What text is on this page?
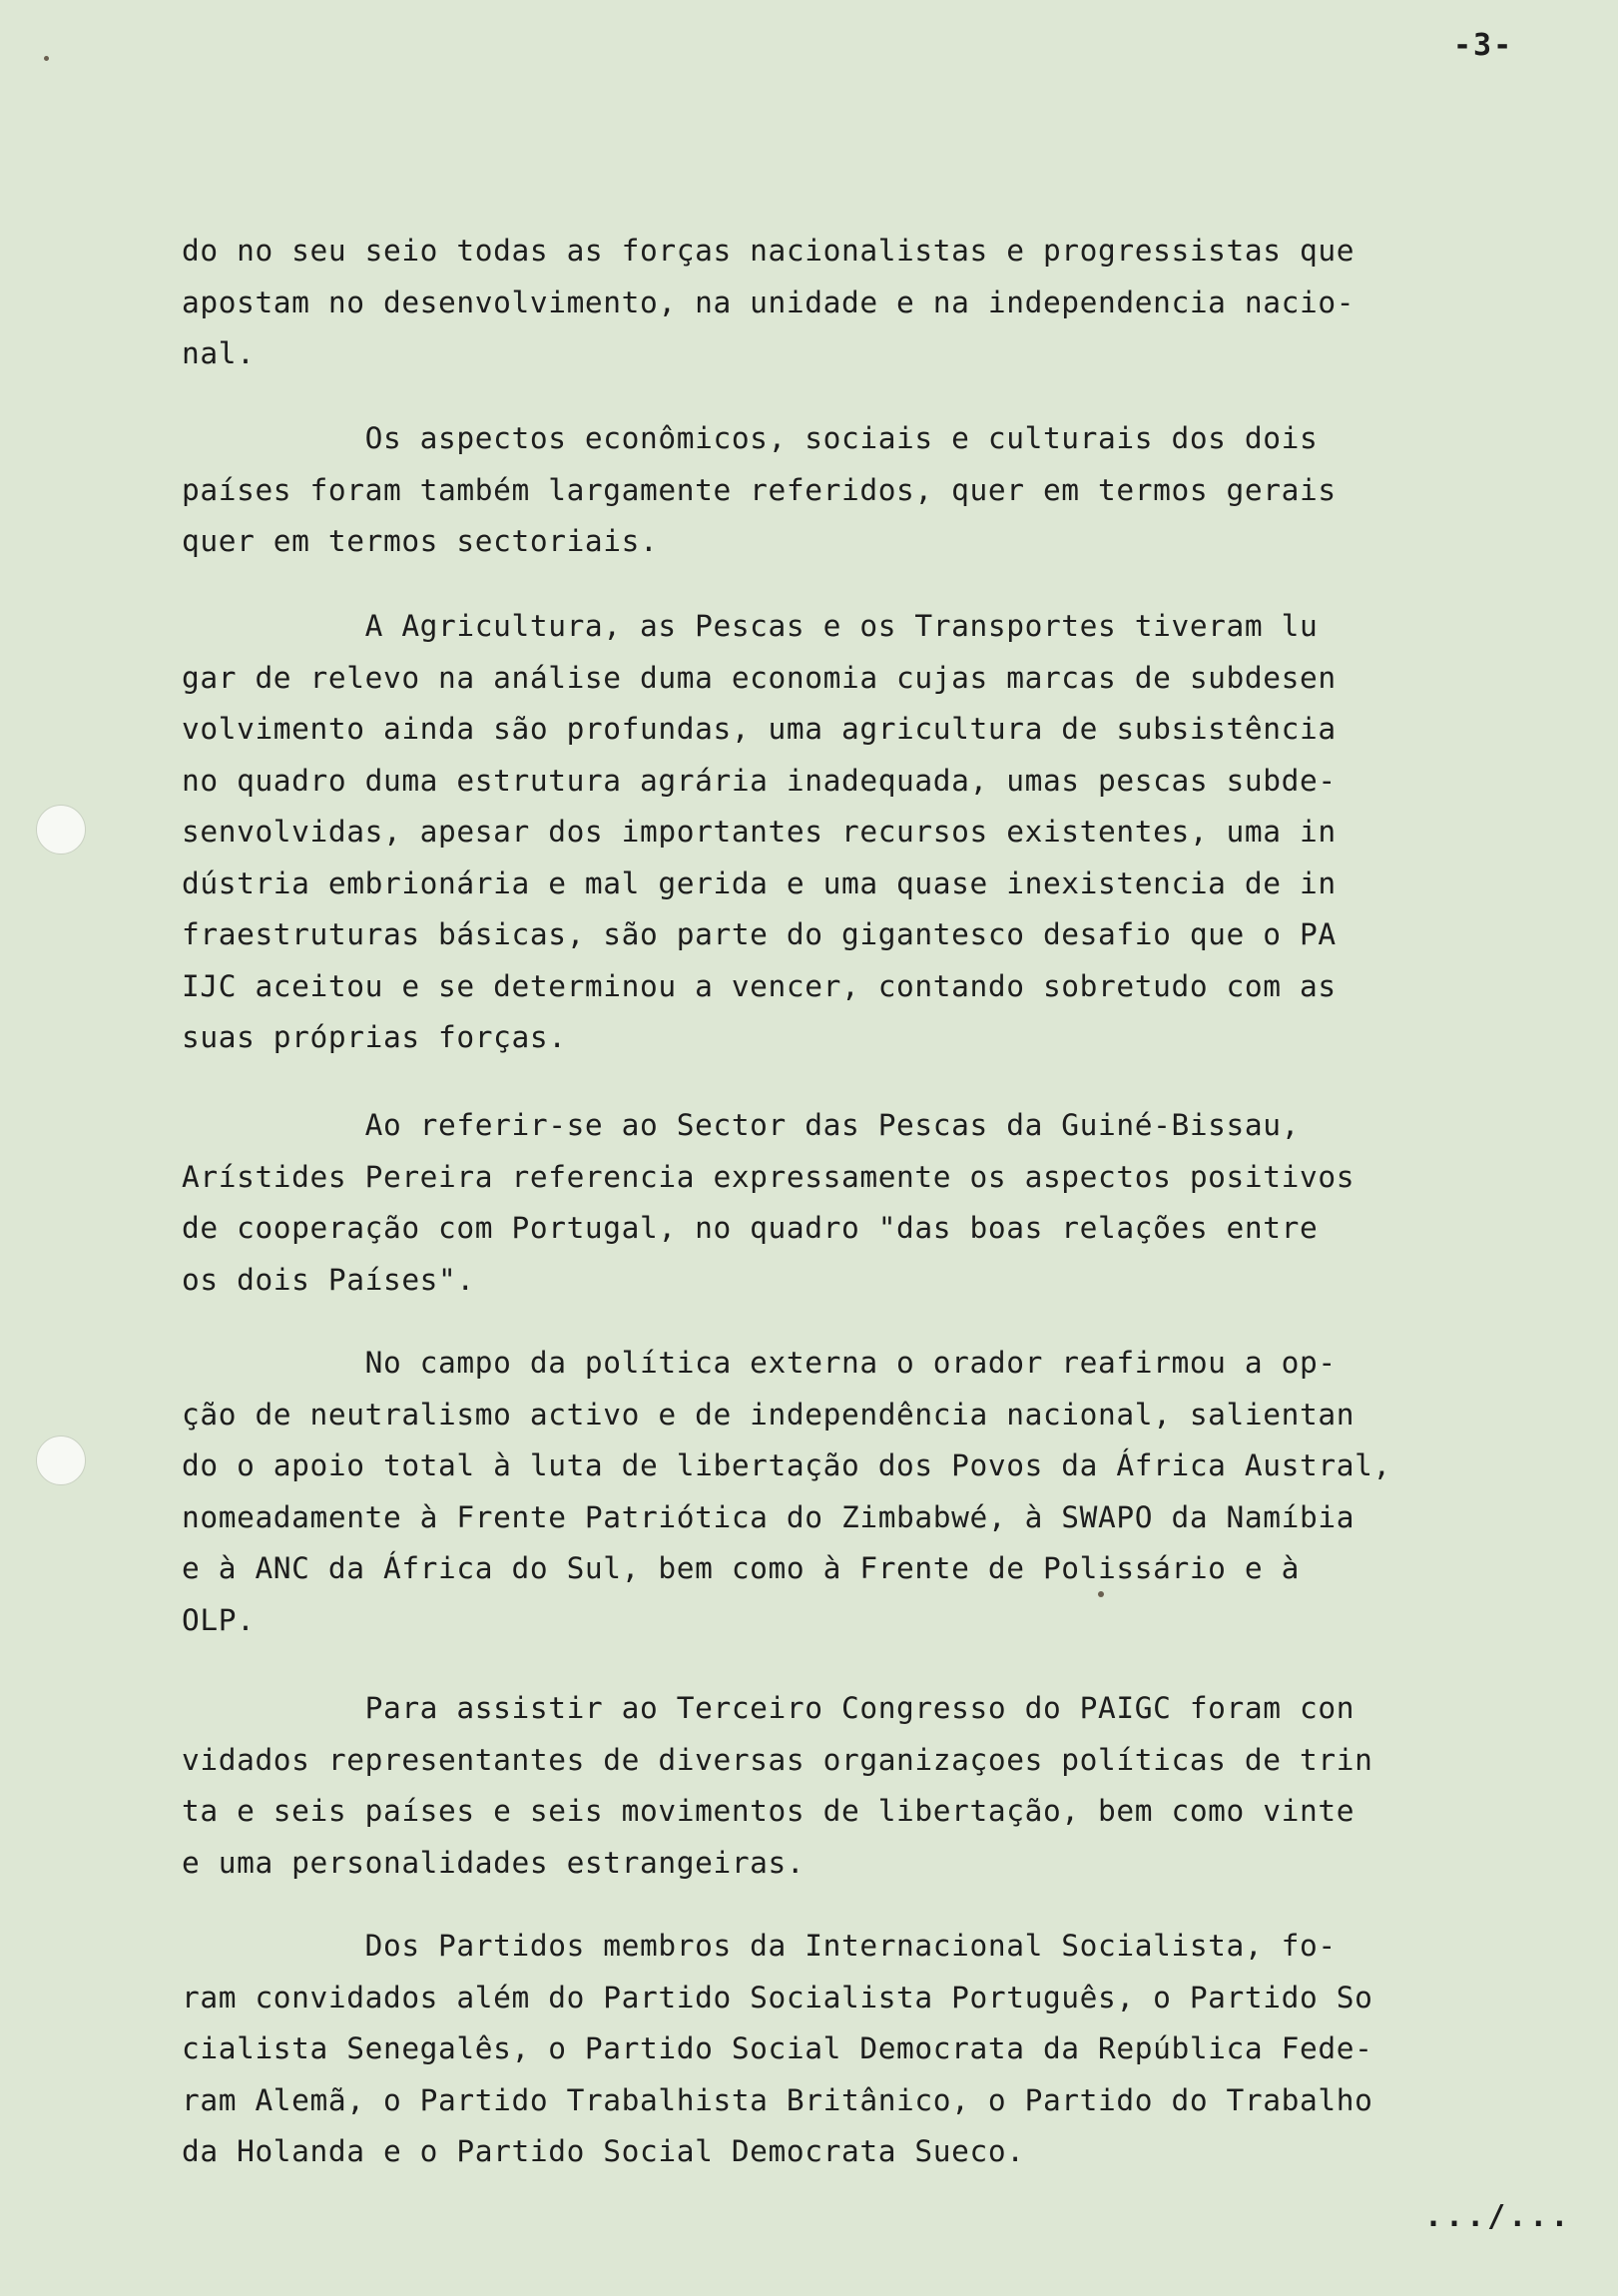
-3-
do no seu seio todas as forças nacionalistas e progressistas que
apostam no desenvolvimento, na unidade e na independencia nacio-
nal.
Os aspectos econômicos, sociais e culturais dos dois
países foram também largamente referidos, quer em termos gerais
quer em termos sectoriais.
A Agricultura, as Pescas e os Transportes tiveram lu
gar de relevo na análise duma economia cujas marcas de subdesen
volvimento ainda são profundas, uma agricultura de subsistência
no quadro duma estrutura agrária inadequada, umas pescas subde-
senvolvidas, apesar dos importantes recursos existentes, uma in
dústria embrionária e mal gerida e uma quase inexistencia de in
fraestruturas básicas, são parte do gigantesco desafio que o PA
IJC aceitou e se determinou a vencer, contando sobretudo com as
suas próprias forças.
Ao referir-se ao Sector das Pescas da Guiné-Bissau,
Arístides Pereira referencia expressamente os aspectos positivos
de cooperação com Portugal, no quadro "das boas relações entre
os dois Países".
No campo da política externa o orador reafirmou a op-
ção de neutralismo activo e de independência nacional, salientan
do o apoio total à luta de libertação dos Povos da África Austral,
nomeadamente à Frente Patriótica do Zimbabwé, à SWAPO da Namíbia
e à ANC da África do Sul, bem como à Frente de Polissário e à
OLP.
Para assistir ao Terceiro Congresso do PAIGC foram con
vidados representantes de diversas organizaçoes políticas de trin
ta e seis países e seis movimentos de libertação, bem como vinte
e uma personalidades estrangeiras.
Dos Partidos membros da Internacional Socialista, fo-
ram convidados além do Partido Socialista Português, o Partido So
cialista Senegalês, o Partido Social Democrata da República Fede-
ram Alemã, o Partido Trabalhista Britânico, o Partido do Trabalho
da Holanda e o Partido Social Democrata Sueco.
.../...
